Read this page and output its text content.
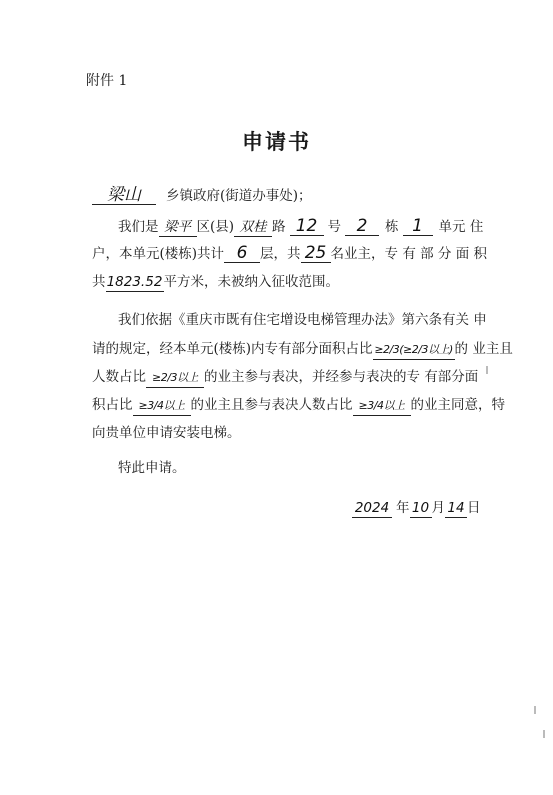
附件 1
申请书
梁山 乡镇政府(街道办事处)；
我们是 梁平 区(县) 双桂 路 12 号 2 栋 1 单元 住
户，本单元(楼栋)共计 6 层，共 25 名业主，专 有 部 分 面 积
共1823.52平方米，未被纳入征收范围。
我们依据《重庆市既有住宅增设电梯管理办法》第六条有关 申
请的规定，经本单元(楼栋)内专有部分面积占比 ≥2/3(≥2/3以上) 的 业主且
人数占比 ≥2/3以上 的业主参与表决，并经参与表决的专 有部分面
积占比 ≥3/4以上 的业主且参与表决人数占比 ≥3/4以上 的业主同意，特
向贵单位申请安装电梯。
特此申请。
2024 年 10 月 14 日
